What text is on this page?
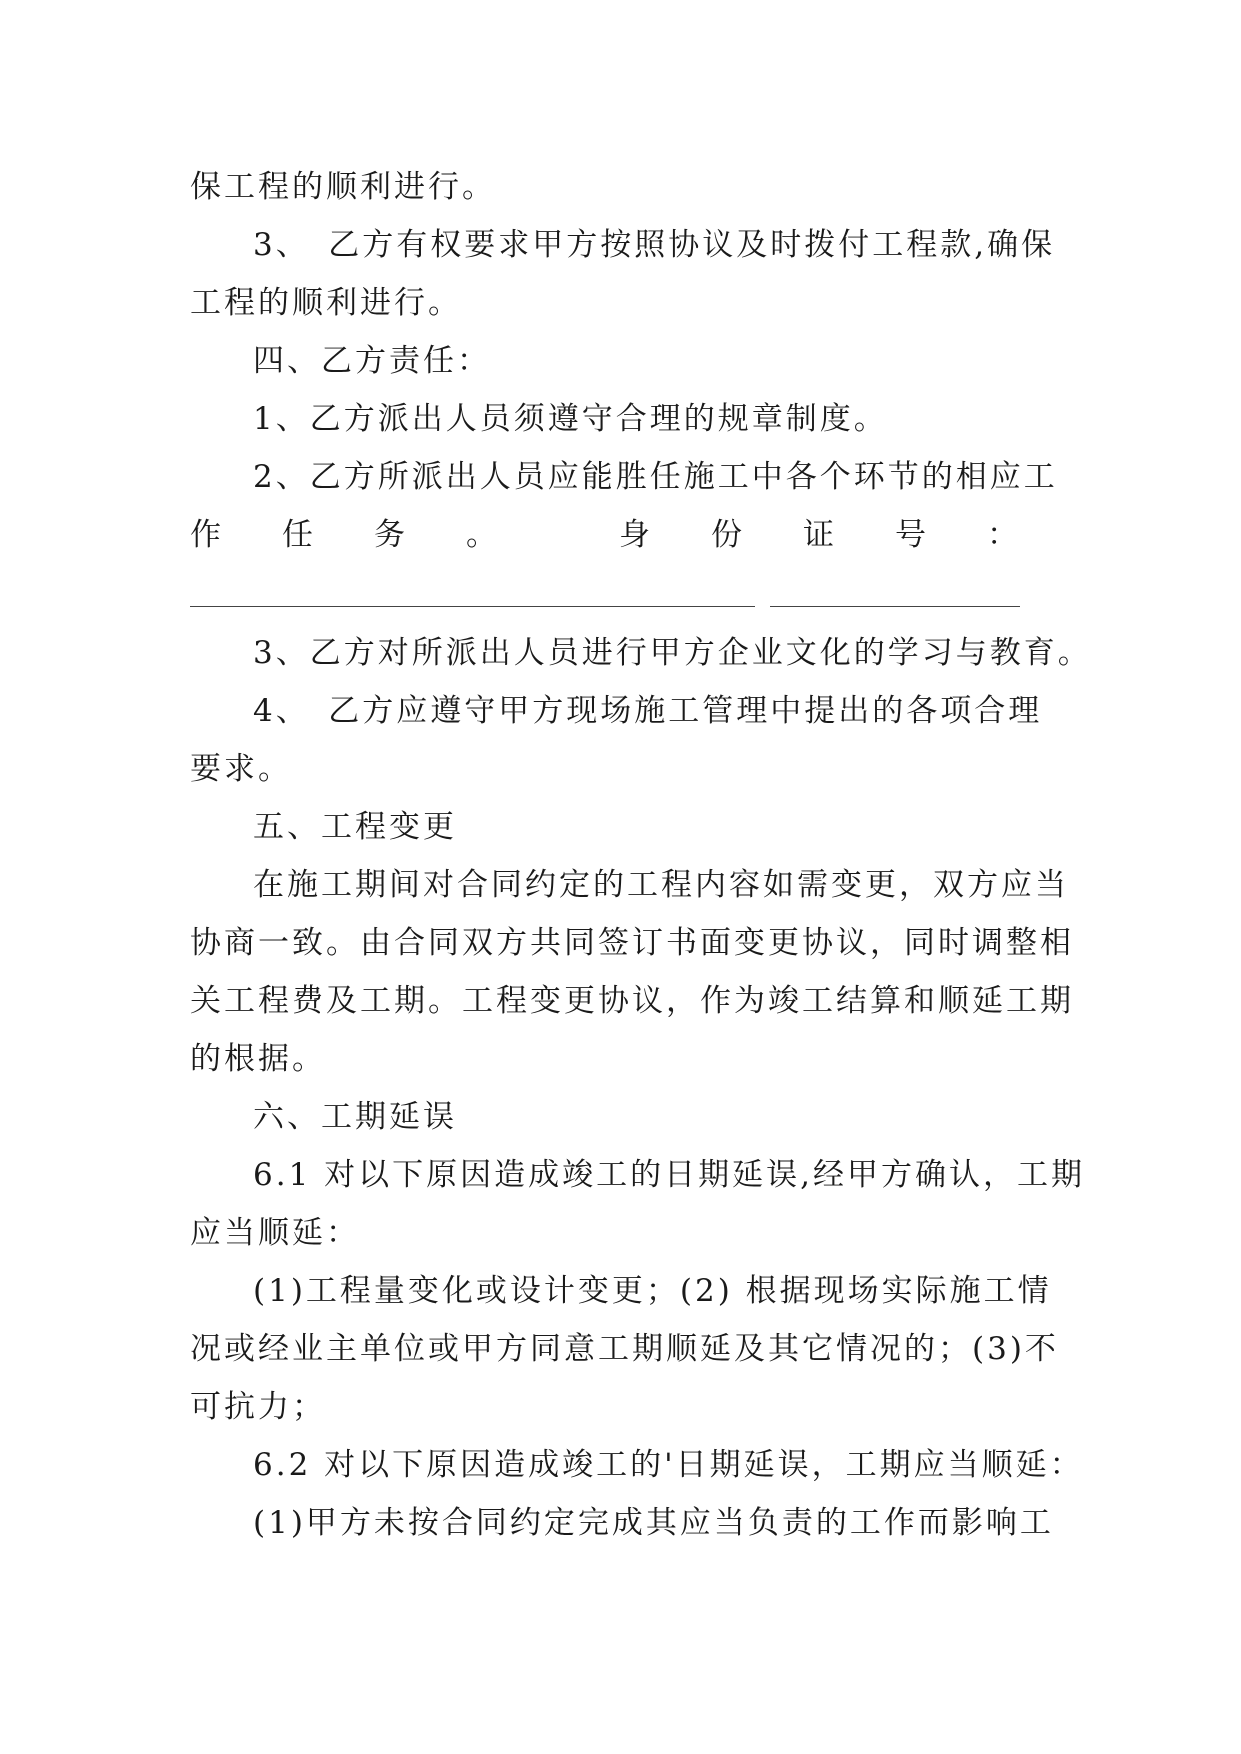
保工程的顺利进行。
3、　乙方有权要求甲方按照协议及时拨付工程款,确保
工程的顺利进行。
四、乙方责任：
1、乙方派出人员须遵守合理的规章制度。
2、乙方所派出人员应能胜任施工中各个环节的相应工
作 任 务 。	身 份 证 号 ：
3、乙方对所派出人员进行甲方企业文化的学习与教育。
4、　乙方应遵守甲方现场施工管理中提出的各项合理
要求。
五、工程变更
在施工期间对合同约定的工程内容如需变更，双方应当
协商一致。由合同双方共同签订书面变更协议，同时调整相
关工程费及工期。工程变更协议，作为竣工结算和顺延工期
的根据。
六、工期延误
6.1 对以下原因造成竣工的日期延误,经甲方确认，工期
应当顺延：
(1)工程量变化或设计变更；(2) 根据现场实际施工情
况或经业主单位或甲方同意工期顺延及其它情况的；(3)不
可抗力；
6.2 对以下原因造成竣工的'日期延误，工期应当顺延：
(1)甲方未按合同约定完成其应当负责的工作而影响工
